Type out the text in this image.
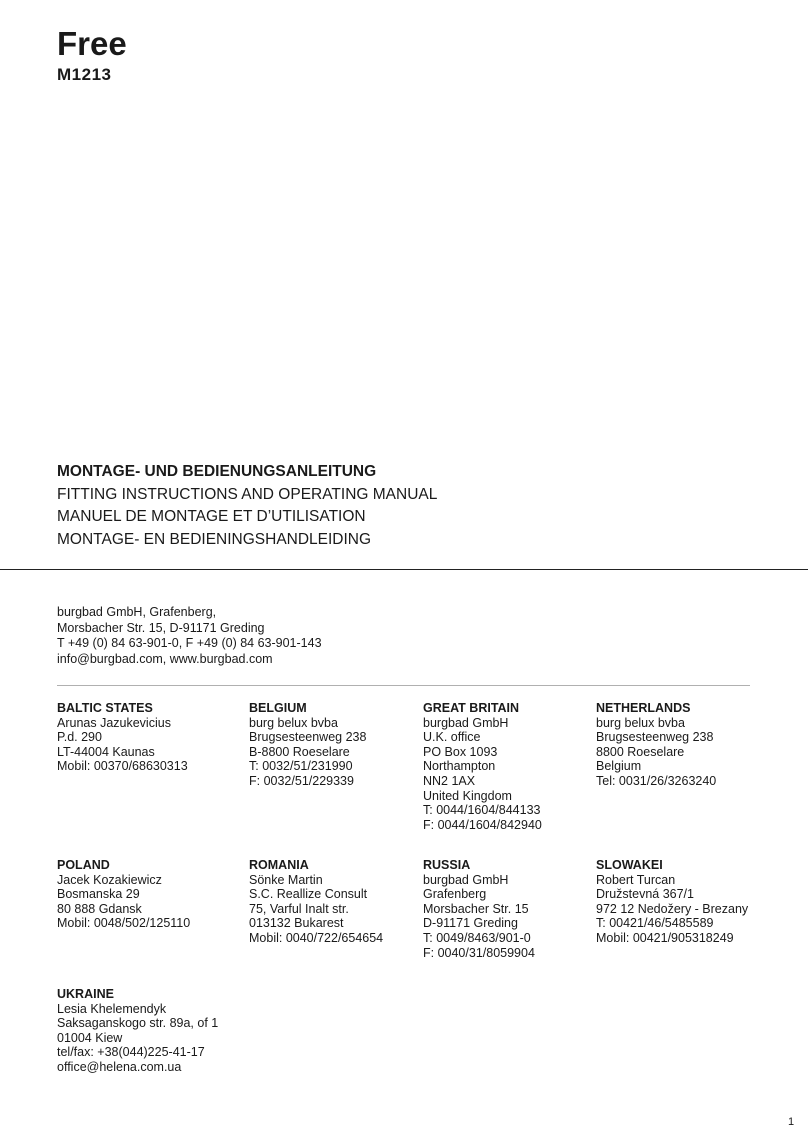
Free
M1213
MONTAGE- UND BEDIENUNGSANLEITUNG
FITTING INSTRUCTIONS AND OPERATING MANUAL
MANUEL DE MONTAGE ET D’UTILISATION
MONTAGE- EN BEDIENINGSHANDLEIDING
burgbad GmbH, Grafenberg,
Morsbacher Str. 15, D-91171 Greding
T +49 (0) 84 63-901-0, F +49 (0) 84 63-901-143
info@burgbad.com, www.burgbad.com
BALTIC STATES
Arunas Jazukevicius
P.d. 290
LT-44004 Kaunas
Mobil: 00370/68630313
BELGIUM
burg belux bvba
Brugsesteenweg 238
B-8800 Roeselare
T: 0032/51/231990
F: 0032/51/229339
GREAT BRITAIN
burgbad GmbH
U.K. office
PO Box 1093
Northampton
NN2 1AX
United Kingdom
T: 0044/1604/844133
F: 0044/1604/842940
NETHERLANDS
burg belux bvba
Brugsesteenweg 238
8800 Roeselare
Belgium
Tel: 0031/26/3263240
POLAND
Jacek Kozakiewicz
Bosmanska 29
80 888 Gdansk
Mobil: 0048/502/125110
ROMANIA
Sönke Martin
S.C. Reallize Consult
75, Varful Inalt str.
013132 Bukarest
Mobil: 0040/722/654654
RUSSIA
burgbad GmbH
Grafenberg
Morsbacher Str. 15
D-91171 Greding
T: 0049/8463/901-0
F: 0040/31/8059904
SLOWAKEI
Robert Turcan
Družstevná 367/1
972 12 Nedožery - Brezany
T: 00421/46/5485589
Mobil: 00421/905318249
UKRAINE
Lesia Khelemendyk
Saksaganskogo str. 89a, of 1
01004 Kiew
tel/fax: +38(044)225-41-17
office@helena.com.ua
1
